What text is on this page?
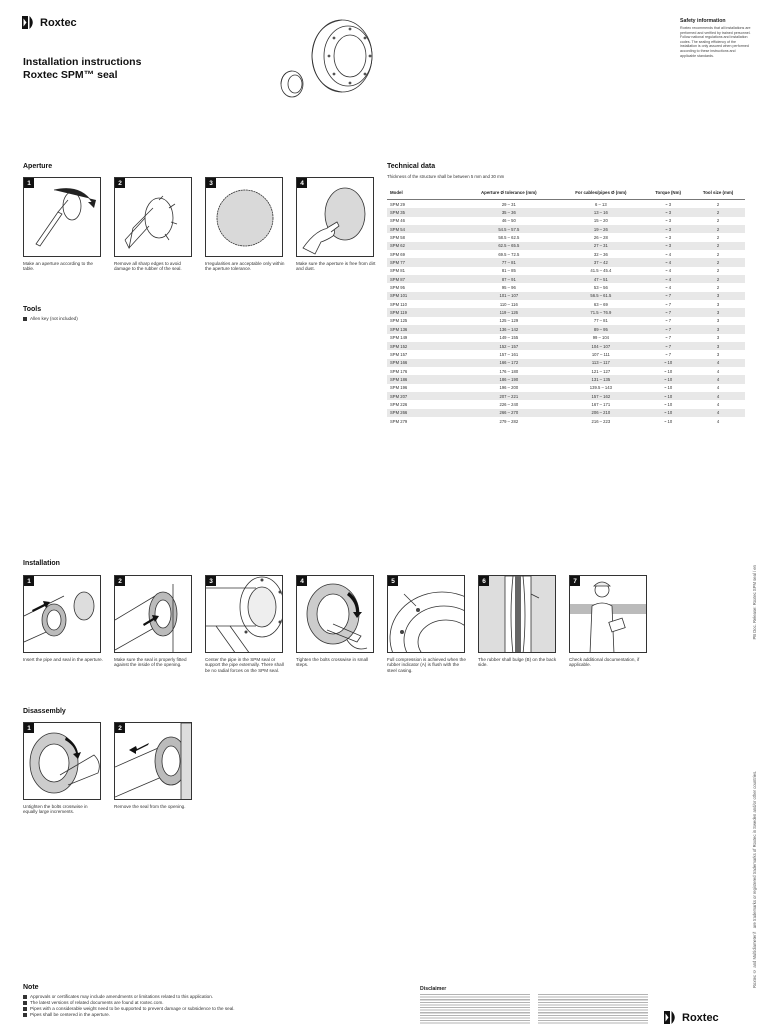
Roxtec
Installation instructions
Roxtec SPM™ seal
Safety information
Roxtec recommends that all installations are performed and verified by trained personnel. Follow national regulations and installation codes. The sealing efficiency of the installation is only assured when performed according to these instructions and applicable standards.
Aperture
1	2	3	4
Make an aperture according to the table.
Remove all sharp edges to avoid damage to the rubber of the seal.
Irregularities are acceptable only within the aperture tolerance.
Make sure the aperture is free from dirt and dust.
Tools
Allen key (not included)
Technical data
Thickness of the structure shall be between 5 mm and 30 mm
Model	Aperture Ø tolerance (mm)	For cables/pipes Ø (mm)	Torque (Nm)	Tool size (mm)
SPM 29	29 – 31	6 – 13	~ 3	2
SPM 35	35 – 36	13 – 16	~ 3	2
SPM 46	46 – 50	15 – 20	~ 3	2
SPM 54	54.5 – 57.5	19 – 26	~ 3	2
SPM 58	58.5 – 62.5	26 – 28	~ 3	2
SPM 62	62.5 – 65.5	27 – 31	~ 3	2
SPM 69	69.5 – 72.5	32 – 36	~ 4	2
SPM 77	77 – 81	37 – 42	~ 4	2
SPM 81	81 – 85	41.5 – 45.4	~ 4	2
SPM 87	87 – 91	47 – 51	~ 4	2
SPM 95	95 – 96	53 – 56	~ 4	2
SPM 101	101 – 107	56.5 – 61.5	~ 7	3
SPM 110	110 – 116	63 – 69	~ 7	3
SPM 119	119 – 126	71.5 – 76.9	~ 7	3
SPM 125	125 – 129	77 – 81	~ 7	3
SPM 136	136 – 142	89 – 95	~ 7	3
SPM 149	149 – 155	99 – 104	~ 7	3
SPM 152	152 – 157	104 – 107	~ 7	3
SPM 157	157 – 161	107 – 111	~ 7	3
SPM 166	166 – 172	113 – 117	~ 10	4
SPM 176	176 – 180	121 – 127	~ 10	4
SPM 186	186 – 190	131 – 135	~ 10	4
SPM 196	196 – 200	139.5 – 143	~ 10	4
SPM 207	207 – 221	157 – 162	~ 10	4
SPM 226	226 – 240	167 – 171	~ 10	4
SPM 266	266 – 270	206 – 210	~ 10	4
SPM 279	279 – 282	216 – 223	~ 10	4
Installation
1	2	3	4	5	6	7
Insert the pipe and seal in the aperture. Make sure the seal is properly fitted against the inside of the opening.
Center the pipe in the SPM seal or support the pipe externally. There shall be no radial forces on the SPM seal.
Tighten the bolts crosswise in small steps.
Full compression is achieved when the rubber indicator (A) is flush with the steel casing.
The rubber shall bulge (B) on the back side.
Check additional documentation, if applicable.
Disassembly
1	2
Untighten the bolts crosswise in equally large increments.
Remove the seal from the opening.
Note
Approvals or certificates may include amendments or limitations related to this application.
The latest versions of related documents are found at roxtec.com.
Pipes with a considerable weight need to be supported to prevent damage or subsidence to the seal.
Pipes shall be centered in the aperture.
Disclaimer
Roxtec
PB Doc. Release: Roxtec SPM seal / en
Roxtec © and Multidiameter™ are trademarks or registered trademarks of Roxtec in Sweden and/or other countries.
